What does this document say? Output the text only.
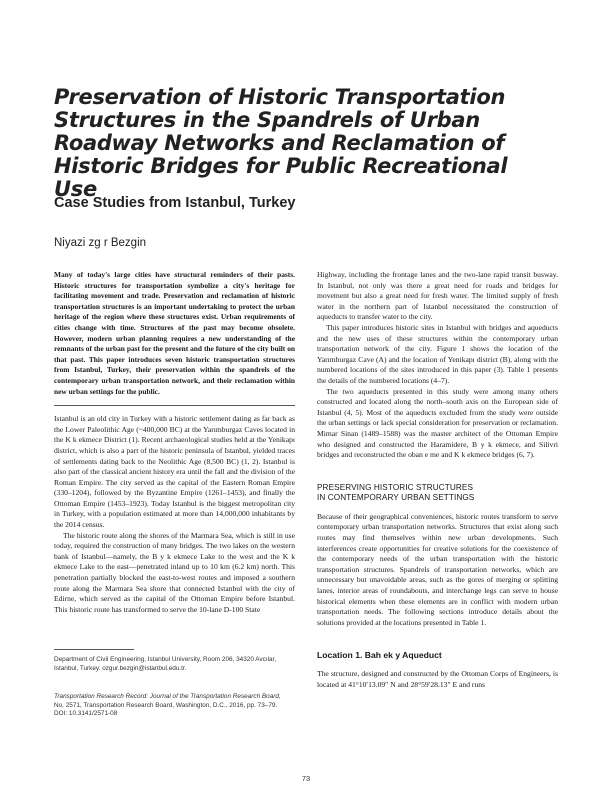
Preservation of Historic Transportation Structures in the Spandrels of Urban Roadway Networks and Reclamation of Historic Bridges for Public Recreational Use
Case Studies from Istanbul, Turkey

Niyazi zg r Bezgin

Many of today's large cities have structural reminders of their pasts. Historic structures for transportation symbolize a city's heritage for facilitating movement and trade. Preservation and reclamation of historic transportation structures is an important undertaking to protect the urban heritage of the region where these structures exist. Urban requirements of cities change with time. Structures of the past may become obsolete. However, modern urban planning requires a new understanding of the remnants of the urban past for the present and the future of the city built on that past. This paper introduces seven historic transportation structures from Istanbul, Turkey, their preservation within the spandrels of the contemporary urban transportation network, and their reclamation within new urban settings for the public.

Istanbul is an old city in Turkey with a historic settlement dating as far back as the Lower Paleolithic Age (~400,000 BC) at the Yarımburgaz Caves located in the K k ekmece District (1). Recent archaeological studies held at the Yenikapı district, which is also a part of the historic peninsula of Istanbul, yielded traces of settlements dating back to the Neolithic Age (8,500 BC) (1, 2). Istanbul is also part of the classical ancient history era until the fall and the division of the Roman Empire. The city served as the capital of the Eastern Roman Empire (330–1204), followed by the Byzantine Empire (1261–1453), and finally the Ottoman Empire (1453–1923). Today Istanbul is the biggest metropolitan city in Turkey, with a population estimated at more than 14,000,000 inhabitants by the 2014 census.

The historic route along the shores of the Marmara Sea, which is still in use today, required the construction of many bridges. The two lakes on the western bank of Istanbul—namely, the B y k ekmece Lake to the west and the K k ekmece Lake to the east—penetrated inland up to 10 km (6.2 km) north. This penetration partially blocked the east-to-west routes and imposed a southern route along the Marmara Sea shore that connected Istanbul with the city of Edirne, which served as the capital of the Ottoman Empire before Istanbul. This historic route has transformed to serve the 10-lane D-100 State

Highway, including the frontage lanes and the two-lane rapid transit busway. In Istanbul, not only was there a great need for roads and bridges for movement but also a great need for fresh water. The limited supply of fresh water in the northern part of Istanbul necessitated the construction of aqueducts to transfer water to the city.

This paper introduces historic sites in Istanbul with bridges and aqueducts and the new uses of these structures within the contemporary urban transportation network of the city. Figure 1 shows the location of the Yarımburgaz Cave (A) and the location of Yenikapı district (B), along with the numbered locations of the sites introduced in this paper (3). Table 1 presents the details of the numbered locations (4–7).

The two aqueducts presented in this study were among many others constructed and located along the north–south axis on the European side of Istanbul (4, 5). Most of the aqueducts excluded from the study were outside the urban settings or lack special consideration for preservation or reclamation. Mimar Sinan (1489–1588) was the master architect of the Ottoman Empire who designed and constructed the Haramidere, B y k ekmece, and Silivri bridges and reconstructed the oban e me and K k ekmece bridges (6, 7).

PRESERVING HISTORIC STRUCTURES
IN CONTEMPORARY URBAN SETTINGS

Because of their geographical conveniences, historic routes transform to serve contemporary urban transportation networks. Structures that exist along such routes may find themselves within new urban developments. Such interferences create opportunities for creative solutions for the coexistence of the contemporary needs of the urban transportation with the historic transportation structures. Spandrels of transportation networks, which are unnecessary but unavoidable areas, such as the gores of merging or splitting lanes, interior areas of roundabouts, and interchange legs can serve to house historical elements when these elements are in conflict with modern urban transportation needs. The following sections introduce details about the solutions provided at the locations presented in Table 1.

Location 1. Bah ek y Aqueduct

The structure, designed and constructed by the Ottoman Corps of Engineers, is located at 41°10′13.09″ N and 28°59′28.13″ E and runs

Department of Civil Engineering, Istanbul University, Room 206, 34320 Avcılar, Istanbul, Turkey. ozgur.bezgin@istanbul.edu.tr.
Transportation Research Record: Journal of the Transportation Research Board,
No. 2571, Transportation Research Board, Washington, D.C., 2016, pp. 73–79.
DOI: 10.3141/2571-08
73
